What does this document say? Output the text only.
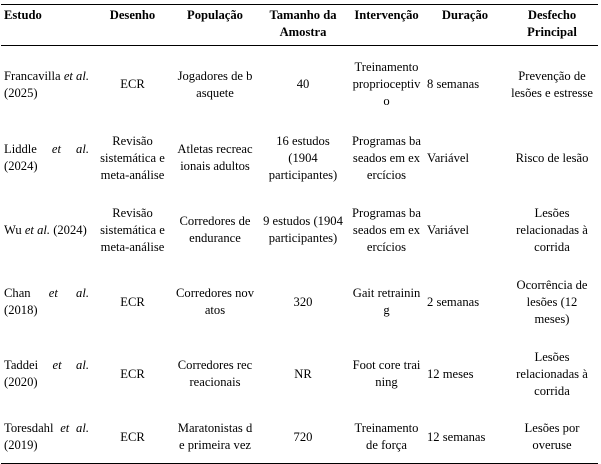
Estudo	Desenho	População	Tamanho da Amostra	Intervenção	Duração	Desfecho Principal
Francavilla et al. (2025)	ECR	Jogadores de basquete	40	Treinamento proprioceptivo	8 semanas	Prevenção de lesões e estresse
Liddle et al. (2024)	Revisão sistemática e meta-análise	Atletas recreacionais adultos	16 estudos (1904 participantes)	Programas baseados em exercícios	Variável	Risco de lesão
Wu et al. (2024)	Revisão sistemática e meta-análise	Corredores de endurance	9 estudos (1904 participantes)	Programas baseados em exercícios	Variável	Lesões relacionadas à corrida
Chan et al. (2018)	ECR	Corredores novatos	320	Gait retraining	2 semanas	Ocorrência de lesões (12 meses)
Taddei et al. (2020)	ECR	Corredores recreacionais	NR	Foot core training	12 meses	Lesões relacionadas à corrida
Toresdahl et al. (2019)	ECR	Maratonistas de primeira vez	720	Treinamento de força	12 semanas	Lesões por overuse
